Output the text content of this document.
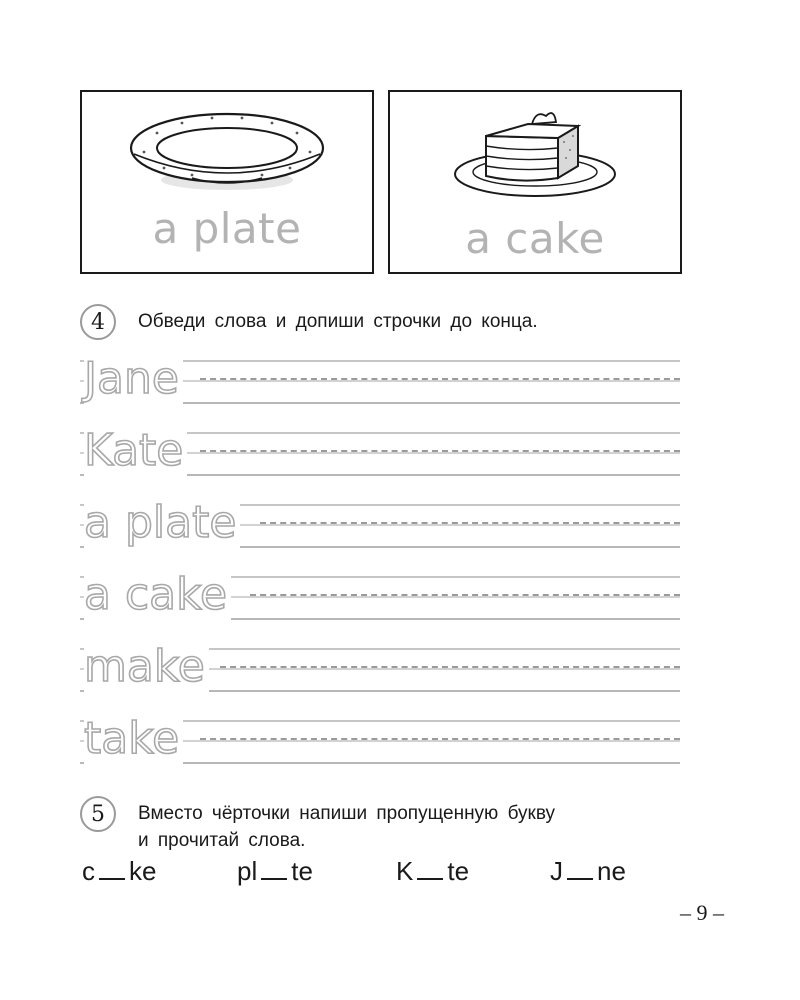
a plate	a cake
4	Обведи слова и допиши строчки до конца.
Jane
Kate
a plate
a cake
make
take
5	Вместо чёрточки напиши пропущенную букву
и прочитай слова.
c ke	pl te	K te	J ne
– 9 –
